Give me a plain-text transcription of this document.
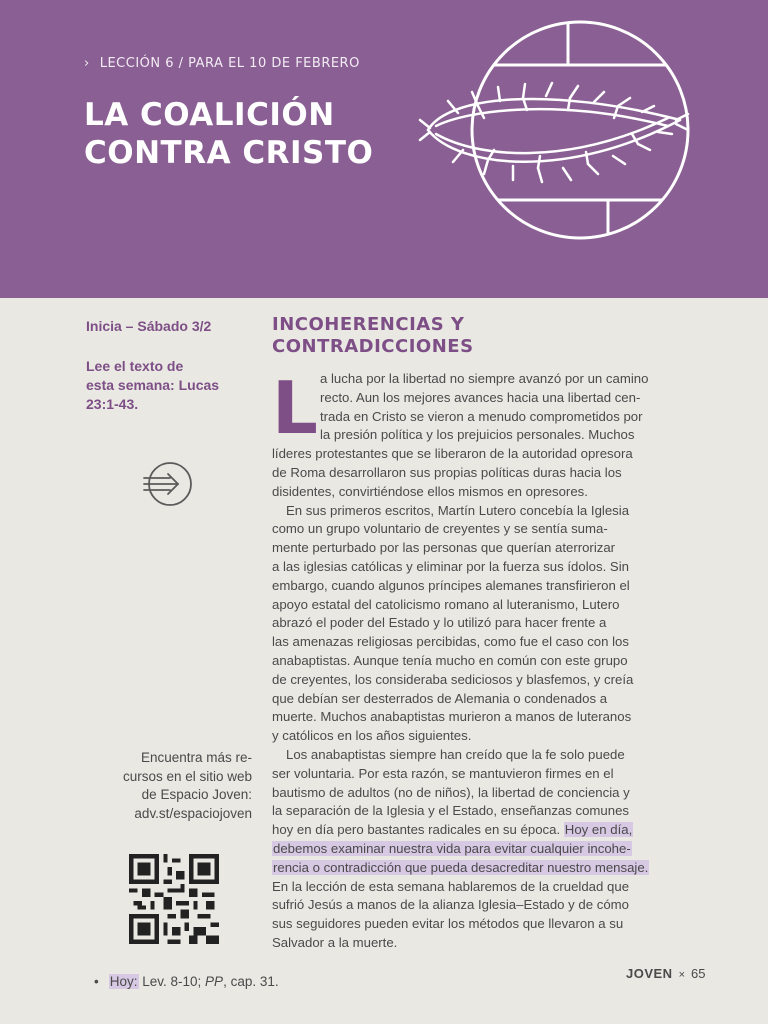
› LECCIÓN 6 / PARA EL 10 DE FEBRERO
LA COALICIÓN
CONTRA CRISTO
Inicia – Sábado 3/2
Lee el texto de
esta semana: Lucas
23:1-43.
Encuentra más re-
cursos en el sitio web
de Espacio Joven:
adv.st/espaciojoven
INCOHERENCIAS Y
CONTRADICCIONES
L a lucha por la libertad no siempre avanzó por un camino
recto. Aun los mejores avances hacia una libertad cen-
trada en Cristo se vieron a menudo comprometidos por
la presión política y los prejuicios personales. Muchos
líderes protestantes que se liberaron de la autoridad opresora
de Roma desarrollaron sus propias políticas duras hacia los
disidentes, convirtiéndose ellos mismos en opresores.
En sus primeros escritos, Martín Lutero concebía la Iglesia
como un grupo voluntario de creyentes y se sentía suma-
mente perturbado por las personas que querían aterrorizar
a las iglesias católicas y eliminar por la fuerza sus ídolos. Sin
embargo, cuando algunos príncipes alemanes transfirieron el
apoyo estatal del catolicismo romano al luteranismo, Lutero
abrazó el poder del Estado y lo utilizó para hacer frente a
las amenazas religiosas percibidas, como fue el caso con los
anabaptistas. Aunque tenía mucho en común con este grupo
de creyentes, los consideraba sediciosos y blasfemos, y creía
que debían ser desterrados de Alemania o condenados a
muerte. Muchos anabaptistas murieron a manos de luteranos
y católicos en los años siguientes.
Los anabaptistas siempre han creído que la fe solo puede
ser voluntaria. Por esta razón, se mantuvieron firmes en el
bautismo de adultos (no de niños), la libertad de conciencia y
la separación de la Iglesia y el Estado, enseñanzas comunes
hoy en día pero bastantes radicales en su época. Hoy en día,
debemos examinar nuestra vida para evitar cualquier incohe-
rencia o contradicción que pueda desacreditar nuestro mensaje.
En la lección de esta semana hablaremos de la crueldad que
sufrió Jesús a manos de la alianza Iglesia–Estado y de cómo
sus seguidores pueden evitar los métodos que llevaron a su
Salvador a la muerte.
• Hoy: Lev. 8-10; PP, cap. 31.
JOVEN × 65
